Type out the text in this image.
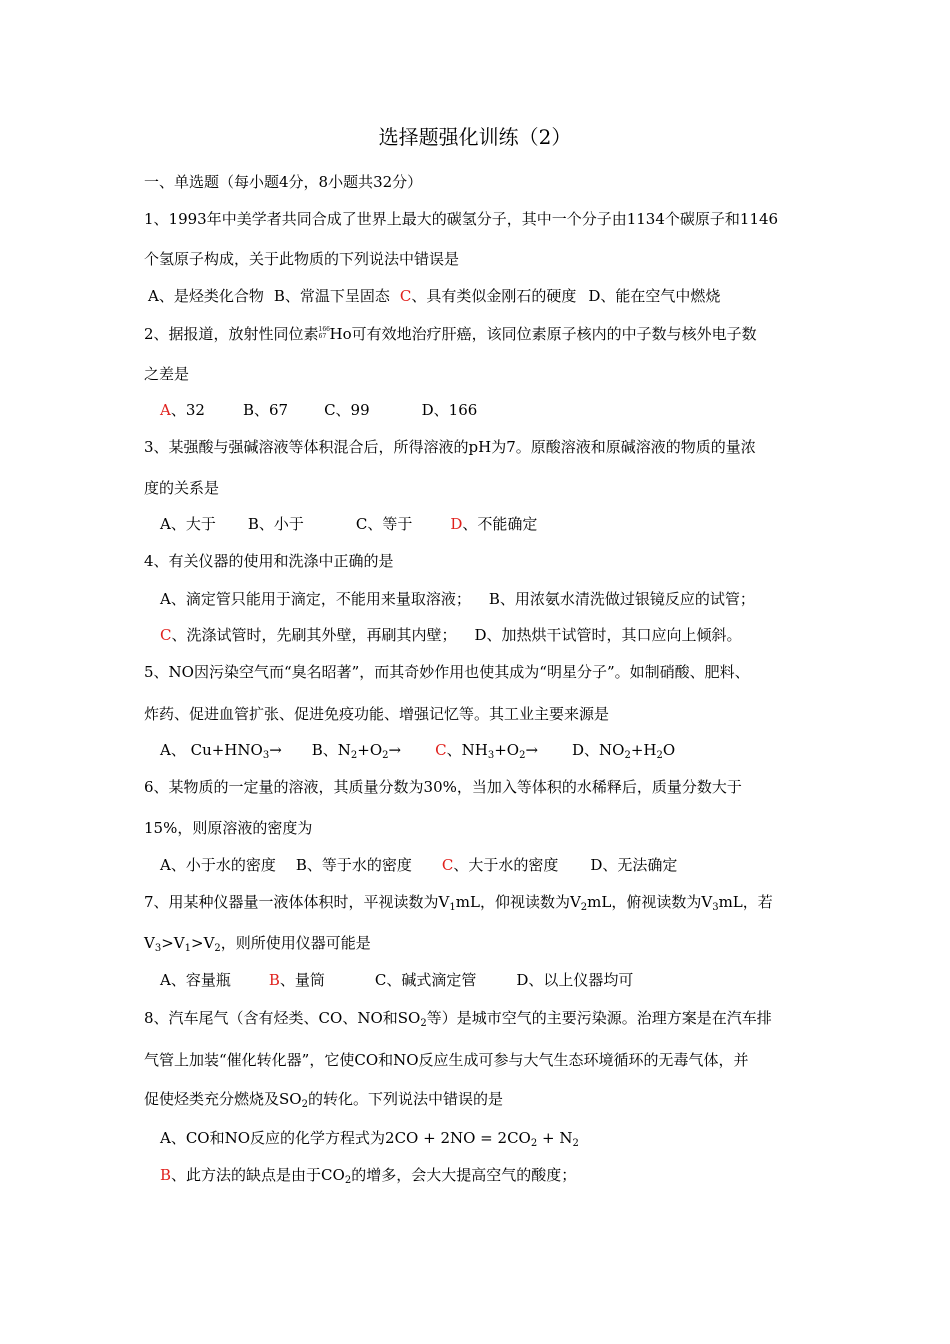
选择题强化训练（2）
一、单选题（每小题4分，8小题共32分）
1、1993年中美学者共同合成了世界上最大的碳氢分子，其中一个分子由1134个碳原子和1146
个氢原子构成，关于此物质的下列说法中错误是
A、是烃类化合物 B、常温下呈固态 C、具有类似金刚石的硬度 D、能在空气中燃烧
2、据报道，放射性同位素 166
67 Ho可有效地治疗肝癌，该同位素原子核内的中子数与核外电子数
之差是
A、32	B、67 C、99	D、166
3、某强酸与强碱溶液等体积混合后，所得溶液的pH为7。原酸溶液和原碱溶液的物质的量浓
度的关系是
A、大于 B、小于	C、等于	D、不能确定
4、有关仪器的使用和洗涤中正确的是
A、滴定管只能用于滴定，不能用来量取溶液； B、用浓氨水清洗做过银镜反应的试管；
C、洗涤试管时，先刷其外壁，再刷其内壁； D、加热烘干试管时，其口应向上倾斜。
5、NO因污染空气而“臭名昭著”，而其奇妙作用也使其成为“明星分子”。如制硝酸、肥料、
炸药、促进血管扩张、促进免疫功能、增强记忆等。其工业主要来源是
A、 $Cu+HNO_3\to B$、$N_2+O_2\to C$、$NH_3+O_2\to D$、$NO_2+H_2O$
6、某物质的一定量的溶液，其质量分数为30%，当加入等体积的水稀释后，质量分数大于
15%，则原溶液的密度为
A、小于水的密度 B、等于水的密度 C、大于水的密度 D、无法确定
7、用某种仪器量一液体体积时，平视读数为$V_1mL$，仰视读数为$V_2mL$，俯视读数为$V_3mL$，若
$V_3>V_1>V_2$，则所使用仪器可能是
A、容量瓶	B、量筒	C、碱式滴定管	D、以上仪器均可
8、汽车尾气（含有烃类、CO、NO和$SO_2$等）是城市空气的主要污染源。治理方案是在汽车排
气管上加装“催化转化器”，它使CO和NO反应生成可参与大气生态环境循环的无毒气体，并
促使烃类充分燃烧及$SO_2$的转化。下列说法中错误的是
A、CO和NO反应的化学方程式为$2CO + 2NO = 2CO_2 + N_2$
B、此方法的缺点是由于$CO_2$的增多，会大大提高空气的酸度；
